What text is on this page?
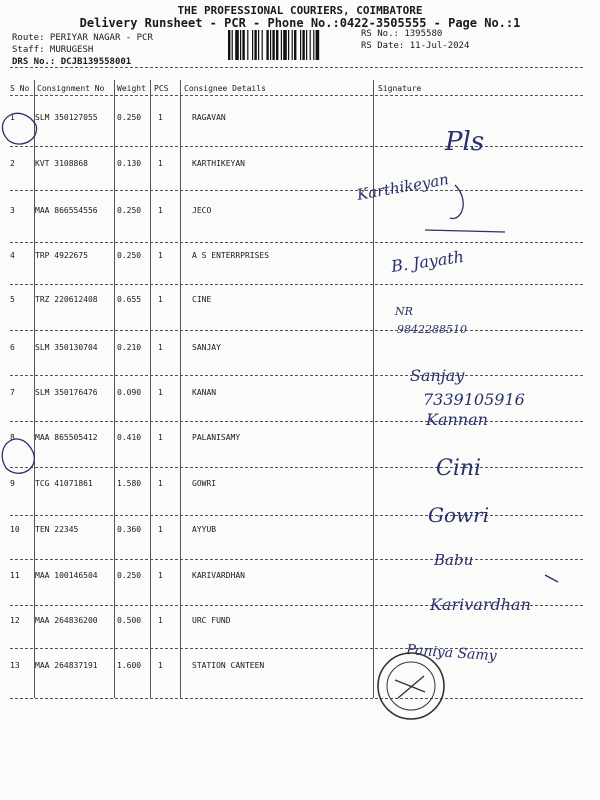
THE PROFESSIONAL COURIERS, COIMBATORE
Delivery Runsheet - PCR - Phone No.:0422-3505555 - Page No.:1
Route: PERIYAR NAGAR - PCR
Staff: MURUGESH
DRS No.: DCJB139558001
RS No.: 1395580
RS Date: 11-Jul-2024
S No Consignment No Weight PCS Consignee Details	Signature
1	SLM 350127055 0.250 1	RAGAVAN
2	KVT 3108868	0.130 1	KARTHIKEYAN
3	MAA 866554556 0.250 1	JECO
4	TRP 4922675	0.250 1	A S ENTERRPRISES
5	TRZ 220612408 0.655 1	CINE
6	SLM 350130704 0.210 1	SANJAY
7	SLM 350176476 0.090 1	KANAN
8	MAA 865505412 0.410 1	PALANISAMY
9	TCG 41071861	1.580 1	GOWRI
10 TEN 22345	0.360 1	AYYUB
11 MAA 100146504 0.250 1	KARIVARDHAN
12 MAA 264836200 0.500 1	URC FUND
13 MAA 264837191 1.600 1	STATION CANTEEN
Pls
Karthikeyan
B. Jayath
NR
9842288510
Sanjay
7339105916
Kannan
Cini
Gowri
Babu
Karivardhan
Paniya Samy
